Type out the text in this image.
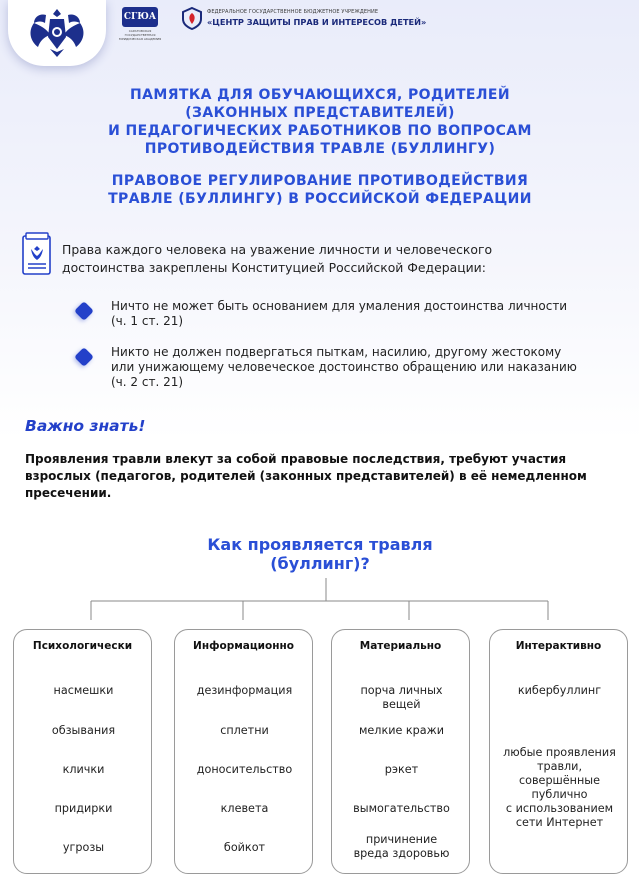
СГЮА
САРАТОВСКАЯ ГОСУДАРСТВЕННАЯ ЮРИДИЧЕСКАЯ АКАДЕМИЯ
ФЕДЕРАЛЬНОЕ ГОСУДАРСТВЕННОЕ БЮДЖЕТНОЕ УЧРЕЖДЕНИЕ
«ЦЕНТР ЗАЩИТЫ ПРАВ И ИНТЕРЕСОВ ДЕТЕЙ»
ПАМЯТКА ДЛЯ ОБУЧАЮЩИХСЯ, РОДИТЕЛЕЙ
(ЗАКОННЫХ ПРЕДСТАВИТЕЛЕЙ)
И ПЕДАГОГИЧЕСКИХ РАБОТНИКОВ ПО ВОПРОСАМ
ПРОТИВОДЕЙСТВИЯ ТРАВЛЕ (БУЛЛИНГУ)
ПРАВОВОЕ РЕГУЛИРОВАНИЕ ПРОТИВОДЕЙСТВИЯ
ТРАВЛЕ (БУЛЛИНГУ) В РОССИЙСКОЙ ФЕДЕРАЦИИ
Права каждого человека на уважение личности и человеческого
достоинства закреплены Конституцией Российской Федерации:
Ничто не может быть основанием для умаления достоинства личности
(ч. 1 ст. 21)
Никто не должен подвергаться пыткам, насилию, другому жестокому
или унижающему человеческое достоинство обращению или наказанию
(ч. 2 ст. 21)
Важно знать!
Проявления травли влекут за собой правовые последствия, требуют участия
взрослых (педагогов, родителей (законных представителей) в её немедленном
пресечении.
Как проявляется травля
(буллинг)?
Психологически
насмешки
обзывания
клички
придирки
угрозы
Информационно
дезинформация
сплетни
доносительство
клевета
бойкот
Материально
порча личных
вещей
мелкие кражи
рэкет
вымогательство
причинение
вреда здоровью
Интерактивно
кибербуллинг
любые проявления
травли, совершённые
публично
с использованием
сети Интернет
